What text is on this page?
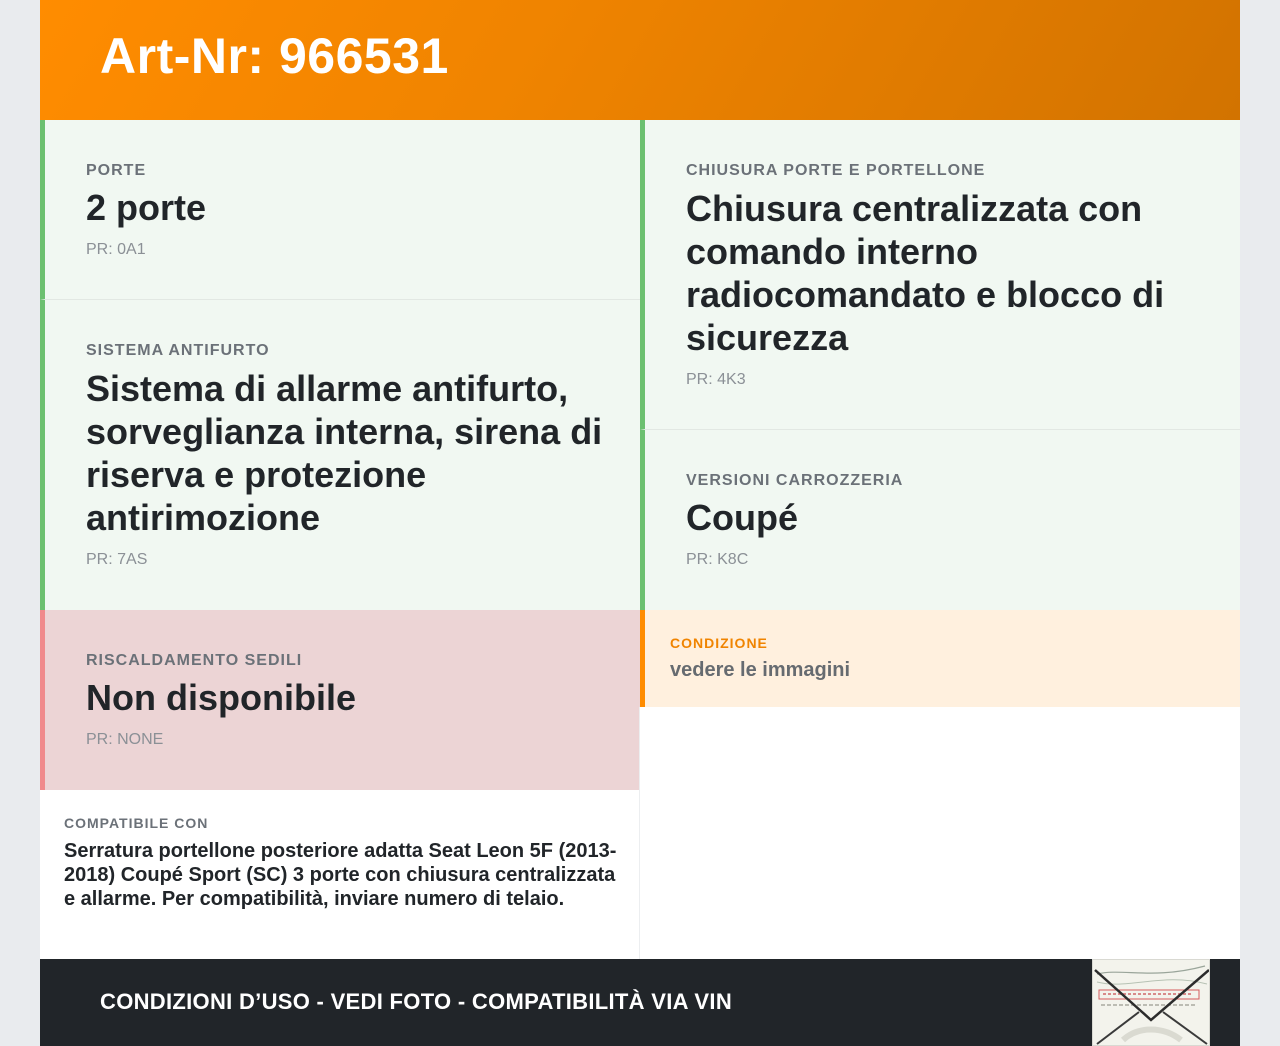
Art-Nr: 966531
PORTE
2 porte
PR: 0A1
SISTEMA ANTIFURTO
Sistema di allarme antifurto, sorveglianza interna, sirena di riserva e protezione antirimozione
PR: 7AS
RISCALDAMENTO SEDILI
Non disponibile
PR: NONE
CHIUSURA PORTE E PORTELLONE
Chiusura centralizzata con comando interno radiocomandato e blocco di sicurezza
PR: 4K3
VERSIONI CARROZZERIA
Coupé
PR: K8C
CONDIZIONE
vedere le immagini
COMPATIBILE CON
Serratura portellone posteriore adatta Seat Leon 5F (2013-2018) Coupé Sport (SC) 3 porte con chiusura centralizzata e allarme. Per compatibilità, inviare numero di telaio.
CONDIZIONI D’USO - VEDI FOTO - COMPATIBILITÀ VIA VIN
